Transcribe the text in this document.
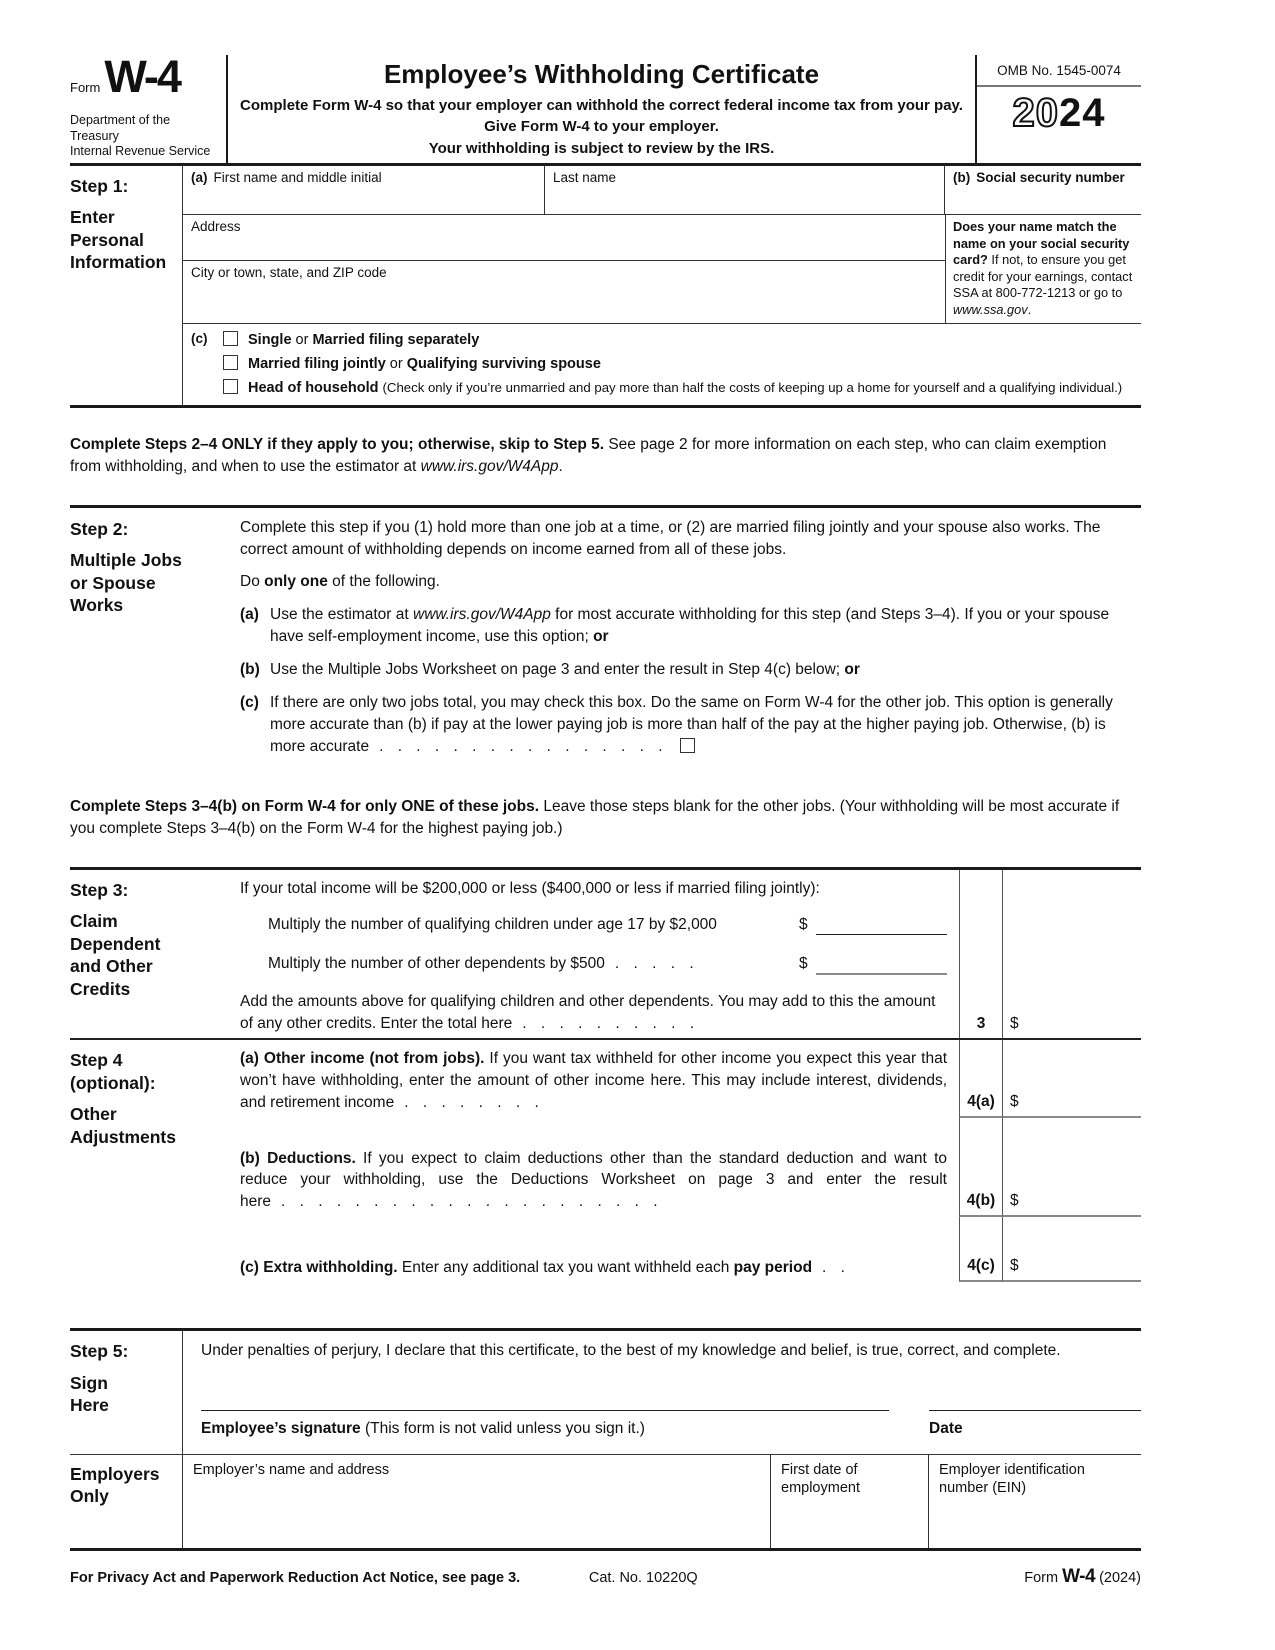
Form W-4
Department of the Treasury
Internal Revenue Service
Employee’s Withholding Certificate
Complete Form W-4 so that your employer can withhold the correct federal income tax from your pay.
Give Form W-4 to your employer.
Your withholding is subject to review by the IRS.
OMB No. 1545-0074
2024
Step 1:
Enter
Personal
Information
(a) First name and middle initial	Last name	(b) Social security number
Address
City or town, state, and ZIP code
Does your name match the name on your social security card? If not, to ensure you get credit for your earnings, contact SSA at 800-772-1213 or go to www.ssa.gov.
(c)	Single or Married filing separately
Married filing jointly or Qualifying surviving spouse
Head of household (Check only if you’re unmarried and pay more than half the costs of keeping up a home for yourself and a qualifying individual.)

Complete Steps 2–4 ONLY if they apply to you; otherwise, skip to Step 5. See page 2 for more information on each step, who can claim exemption from withholding, and when to use the estimator at www.irs.gov/W4App.

Step 2:
Multiple Jobs
or Spouse
Works
Complete this step if you (1) hold more than one job at a time, or (2) are married filing jointly and your spouse also works. The correct amount of withholding depends on income earned from all of these jobs.
Do only one of the following.
(a) Use the estimator at www.irs.gov/W4App for most accurate withholding for this step (and Steps 3–4). If you or your spouse have self-employment income, use this option; or
(b) Use the Multiple Jobs Worksheet on page 3 and enter the result in Step 4(c) below; or
(c) If there are only two jobs total, you may check this box. Do the same on Form W-4 for the other job. This option is generally more accurate than (b) if pay at the lower paying job is more than half of the pay at the higher paying job. Otherwise, (b) is more accurate . . . . . . . . . . . . . . . .

Complete Steps 3–4(b) on Form W-4 for only ONE of these jobs. Leave those steps blank for the other jobs. (Your withholding will be most accurate if you complete Steps 3–4(b) on the Form W-4 for the highest paying job.)

Step 3:
Claim
Dependent
and Other
Credits
If your total income will be $200,000 or less ($400,000 or less if married filing jointly):
Multiply the number of qualifying children under age 17 by $2,000	$
Multiply the number of other dependents by $500 . . . . .	$
Add the amounts above for qualifying children and other dependents. You may add to this the amount of any other credits. Enter the total here . . . . . . . . . .	3 $
Step 4
(optional):
Other
Adjustments
(a) Other income (not from jobs). If you want tax withheld for other income you expect this year that won’t have withholding, enter the amount of other income here. This may include interest, dividends, and retirement income . . . . . . . .	4(a) $
(b) Deductions. If you expect to claim deductions other than the standard deduction and want to reduce your withholding, use the Deductions Worksheet on page 3 and enter the result here . . . . . . . . . . . . . . . . . . . . .	4(b) $
(c) Extra withholding. Enter any additional tax you want withheld each pay period . .	4(c) $
Step 5:
Sign
Here
Under penalties of perjury, I declare that this certificate, to the best of my knowledge and belief, is true, correct, and complete.
Employee’s signature (This form is not valid unless you sign it.)	Date
Employers
Only
Employer’s name and address	First date of
employment
Employer identification
number (EIN)
For Privacy Act and Paperwork Reduction Act Notice, see page 3.	Cat. No. 10220Q	Form W-4 (2024)
